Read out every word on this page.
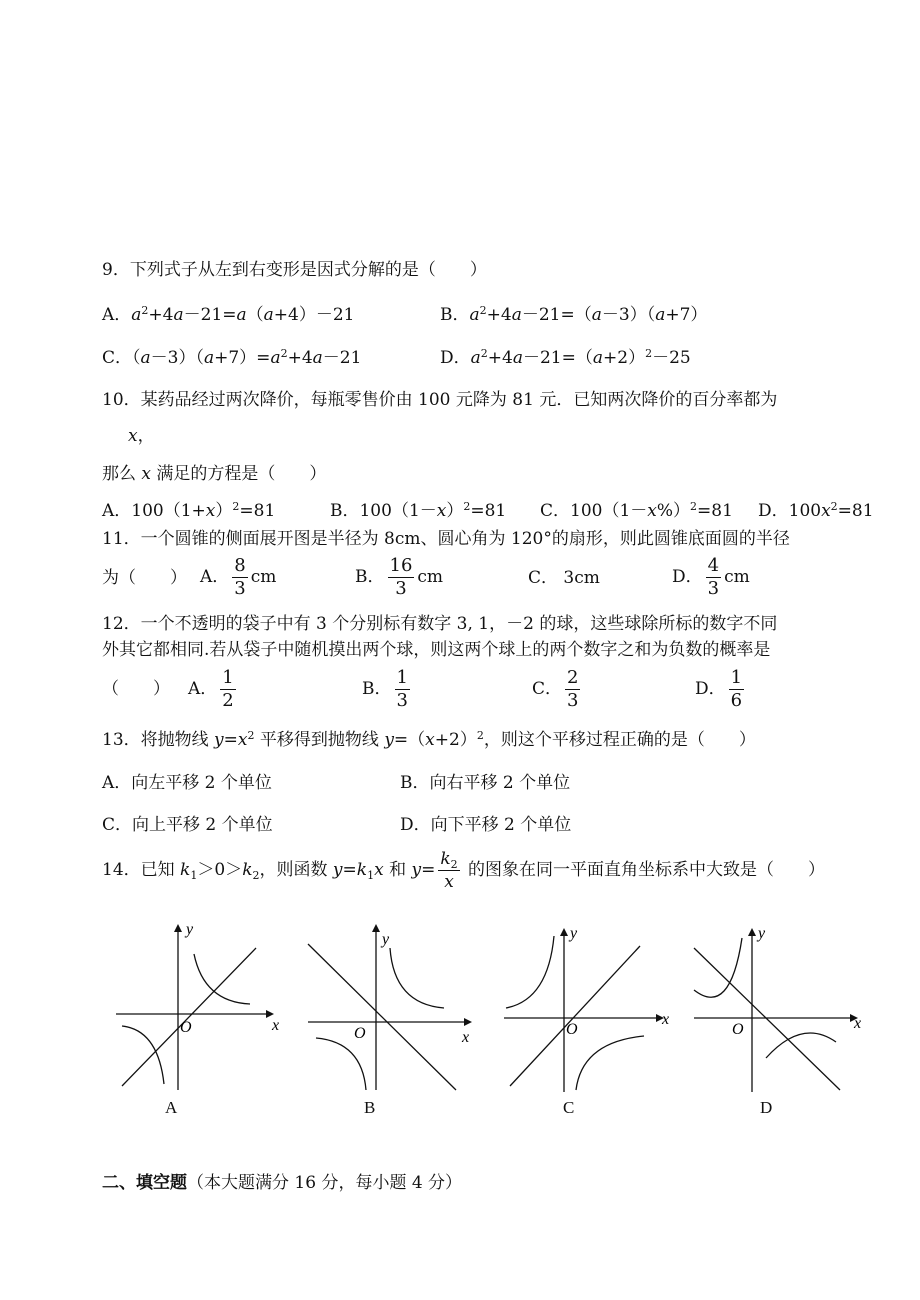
9．下列式子从左到右变形是因式分解的是（　　）
A．$a^2+4a-21=a(a+4)-21$	B．$a^2+4a-21=(a-3)(a+7)$
C．$(a-3)(a+7)=a^2+4a-21$	D．$a^2+4a-21=(a+2)^2-25$
10．某药品经过两次降价，每瓶零售价由 100 元降为 81 元．已知两次降价的百分率都为
x，
那么 x 满足的方程是（　　）
A．$100(1+x)^2=81$	B．$100(1-x)^2=81$ C．$100(1-x\%)^2=81$ D．$100x^2=81$
11．一个圆锥的侧面展开图是半径为 8cm、圆心角为 120°的扇形，则此圆锥底面圆的半径
为（　　） A． $\frac{8}{3}$ cm	B． $\frac{16}{3}$ cm	C． 3cm	D． $\frac{4}{3}$ cm
12．一个不透明的袋子中有 3 个分别标有数字 3, 1，－2 的球，这些球除所标的数字不同
外其它都相同.若从袋子中随机摸出两个球，则这两个球上的两个数字之和为负数的概率是
（　　） A． $\frac{1}{2}$	B． $\frac{1}{3}$	C． $\frac{2}{3}$	D． $\frac{1}{6}$
13．将抛物线 $y=x^2$ 平移得到抛物线 $y=(x+2)^2$，则这个平移过程正确的是（　　）
A．向左平移 2 个单位	B．向右平移 2 个单位
C．向上平移 2 个单位	D．向下平移 2 个单位
14．已知 $k_1>0>k_2$，则函数 $y=k_1x$ 和 $y= \frac{k_2}{x}$ 的图象在同一平面直角坐标系中大致是（　　）
x
y
O
A
x
y
O
B
x
y
O
C
x
y
O
D
二、填空题（本大题满分 16 分，每小题 4 分）
